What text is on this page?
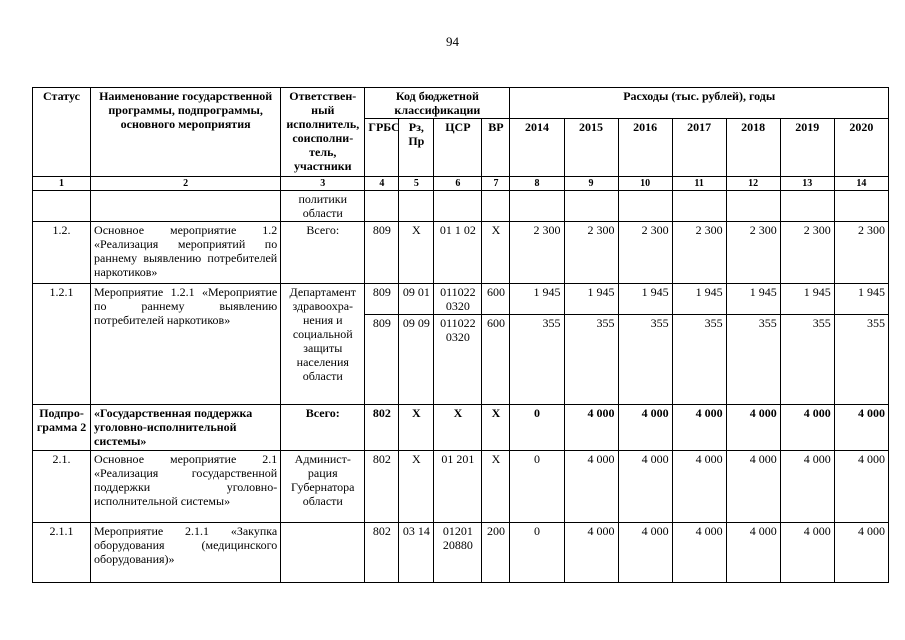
94
Статус	Наименование государственной программы, подпрограммы, основного мероприятия	Ответствен-ный исполнитель, соисполни-тель, участники	Код бюджетной классификации				Расходы (тыс. рублей), годы						
			ГРБС	Рз, Пр	ЦСР	ВР	2014	2015	2016	2017	2018	2019	2020
1	2	3	4	5	6	7	8	9	10	11	12	13	14
		политики области											
1.2.	Основное мероприятие 1.2 «Реализация мероприятий по раннему выявлению потребителей наркотиков»	Всего:	809	Х	01 1 02	Х	2 300	2 300	2 300	2 300	2 300	2 300	2 300
1.2.1	Мероприятие 1.2.1 «Мероприятие по раннему выявлению потребителей наркотиков»	Департамент здравоохра-нения и социальной защиты населения области	809	09 01	011022 0320	600	1 945	1 945	1 945	1 945	1 945	1 945	1 945
			809	09 09	011022 0320	600	355	355	355	355	355	355	355
Подпро-грамма 2	«Государственная поддержка уголовно-исполнительной системы»	Всего:	802	Х	Х	Х	0	4 000	4 000	4 000	4 000	4 000	4 000
2.1.	Основное мероприятие 2.1 «Реализация государственной поддержки уголовно-исполнительной системы»	Админист-рация Губернатора области	802	Х	01 201	Х	0	4 000	4 000	4 000	4 000	4 000	4 000
2.1.1	Мероприятие 2.1.1 «Закупка оборудования (медицинского оборудования)»		802	03 14	01201 20880	200	0	4 000	4 000	4 000	4 000	4 000	4 000
